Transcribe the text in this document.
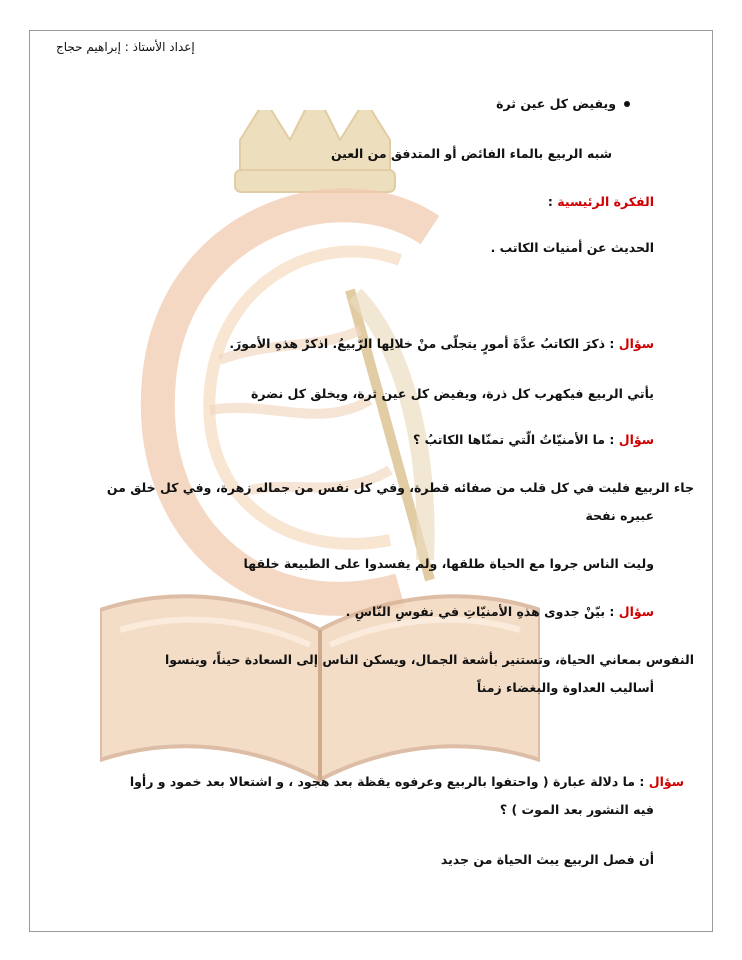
إعداد الأستاذ : إبراهيم حجاج
ويفيض كل عين ثرة
شبه الربيع بالماء الفائض أو المتدفق من العين
الفكرة الرئيسية :
الحديث عن أمنيات الكاتب .
سؤال : ذكرَ الكاتبُ عدَّةَ أمورٍ يتجلّى منْ خلالِها الرّبيعُ. اذكرْ هذهِ الأمورَ.
يأتي الربيع فيكهرب كل ذرة، ويفيض كل عين ثرة، ويخلق كل نضرة
سؤال : ما الأمنيّاتُ الّتي تمنّاها الكاتبُ ؟
جاء الربيع فليت في كل قلب من صفائه قطرة، وفي كل نفس من جماله زهرة، وفي كل خلق من
عبيره نفحة
وليت الناس جروا مع الحياة طلقها، ولم يفسدوا على الطبيعة خلقها
سؤال : بيّنْ جدوى هذهِ الأمنيّاتِ في نفوسِ النّاسِ .
النفوس بمعاني الحياة، وتستنير بأشعة الجمال، ويسكن الناس إلى السعادة حيناً، وينسوا
أساليب العداوة والبغضاء زمناً
سؤال : ما دلالة عبارة ( واحتفوا بالربيع وعرفوه يقظة بعد هجود ، و اشتعالا بعد خمود و رأوا
فيه النشور بعد الموت ) ؟
أن فصل الربيع يبث الحياة من جديد
